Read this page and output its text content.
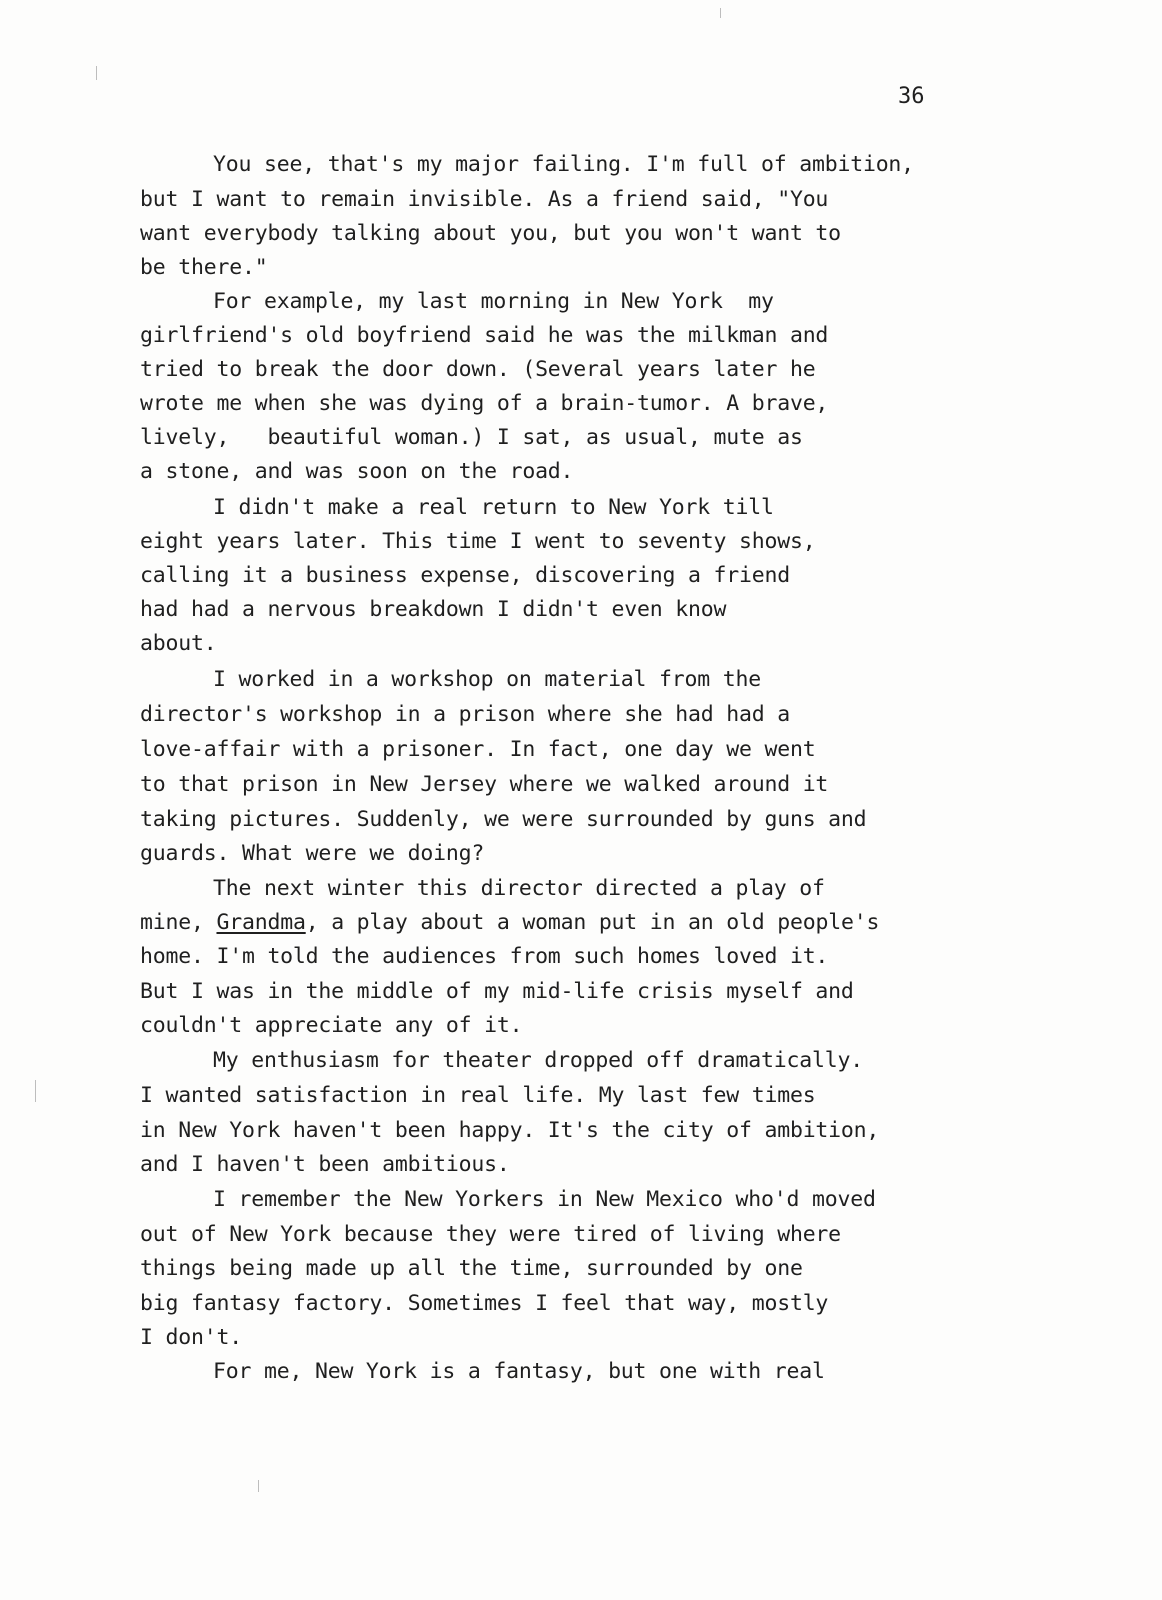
36
You see, that's my major failing. I'm full of ambition,
but I want to remain invisible. As a friend said, "You
want everybody talking about you, but you won't want to
be there."
For example, my last morning in New York  my
girlfriend's old boyfriend said he was the milkman and
tried to break the door down. (Several years later he
wrote me when she was dying of a brain-tumor. A brave,
lively,   beautiful woman.) I sat, as usual, mute as
a stone, and was soon on the road.
I didn't make a real return to New York till
eight years later. This time I went to seventy shows,
calling it a business expense, discovering a friend
had had a nervous breakdown I didn't even know
about.
I worked in a workshop on material from the
director's workshop in a prison where she had had a
love-affair with a prisoner. In fact, one day we went
to that prison in New Jersey where we walked around it
taking pictures. Suddenly, we were surrounded by guns and
guards. What were we doing?
The next winter this director directed a play of
mine, Grandma, a play about a woman put in an old people's
home. I'm told the audiences from such homes loved it.
But I was in the middle of my mid-life crisis myself and
couldn't appreciate any of it.
My enthusiasm for theater dropped off dramatically.
I wanted satisfaction in real life. My last few times
in New York haven't been happy. It's the city of ambition,
and I haven't been ambitious.
I remember the New Yorkers in New Mexico who'd moved
out of New York because they were tired of living where
things being made up all the time, surrounded by one
big fantasy factory. Sometimes I feel that way, mostly
I don't.
For me, New York is a fantasy, but one with real
